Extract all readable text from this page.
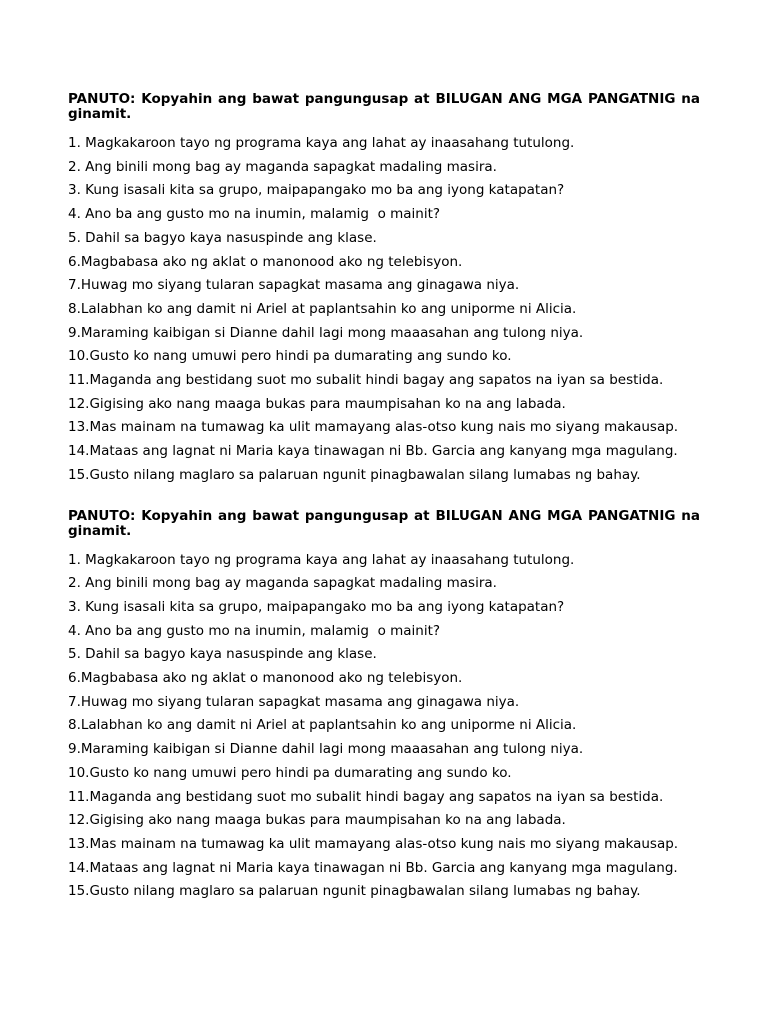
PANUTO: Kopyahin ang bawat pangungusap at BILUGAN ANG MGA PANGATNIG na ginamit.

1. Magkakaroon tayo ng programa kaya ang lahat ay inaasahang tutulong.
2. Ang binili mong bag ay maganda sapagkat madaling masira.
3. Kung isasali kita sa grupo, maipapangako mo ba ang iyong katapatan?
4. Ano ba ang gusto mo na inumin, malamig  o mainit?
5. Dahil sa bagyo kaya nasuspinde ang klase.
6.Magbabasa ako ng aklat o manonood ako ng telebisyon.
7.Huwag mo siyang tularan sapagkat masama ang ginagawa niya.
8.Lalabhan ko ang damit ni Ariel at paplantsahin ko ang uniporme ni Alicia.
9.Maraming kaibigan si Dianne dahil lagi mong maaasahan ang tulong niya.
10.Gusto ko nang umuwi pero hindi pa dumarating ang sundo ko.
11.Maganda ang bestidang suot mo subalit hindi bagay ang sapatos na iyan sa bestida.
12.Gigising ako nang maaga bukas para maumpisahan ko na ang labada.
13.Mas mainam na tumawag ka ulit mamayang alas-otso kung nais mo siyang makausap.
14.Mataas ang lagnat ni Maria kaya tinawagan ni Bb. Garcia ang kanyang mga magulang.
15.Gusto nilang maglaro sa palaruan ngunit pinagbawalan silang lumabas ng bahay.

PANUTO: Kopyahin ang bawat pangungusap at BILUGAN ANG MGA PANGATNIG na ginamit.

1. Magkakaroon tayo ng programa kaya ang lahat ay inaasahang tutulong.
2. Ang binili mong bag ay maganda sapagkat madaling masira.
3. Kung isasali kita sa grupo, maipapangako mo ba ang iyong katapatan?
4. Ano ba ang gusto mo na inumin, malamig  o mainit?
5. Dahil sa bagyo kaya nasuspinde ang klase.
6.Magbabasa ako ng aklat o manonood ako ng telebisyon.
7.Huwag mo siyang tularan sapagkat masama ang ginagawa niya.
8.Lalabhan ko ang damit ni Ariel at paplantsahin ko ang uniporme ni Alicia.
9.Maraming kaibigan si Dianne dahil lagi mong maaasahan ang tulong niya.
10.Gusto ko nang umuwi pero hindi pa dumarating ang sundo ko.
11.Maganda ang bestidang suot mo subalit hindi bagay ang sapatos na iyan sa bestida.
12.Gigising ako nang maaga bukas para maumpisahan ko na ang labada.
13.Mas mainam na tumawag ka ulit mamayang alas-otso kung nais mo siyang makausap.
14.Mataas ang lagnat ni Maria kaya tinawagan ni Bb. Garcia ang kanyang mga magulang.
15.Gusto nilang maglaro sa palaruan ngunit pinagbawalan silang lumabas ng bahay.
